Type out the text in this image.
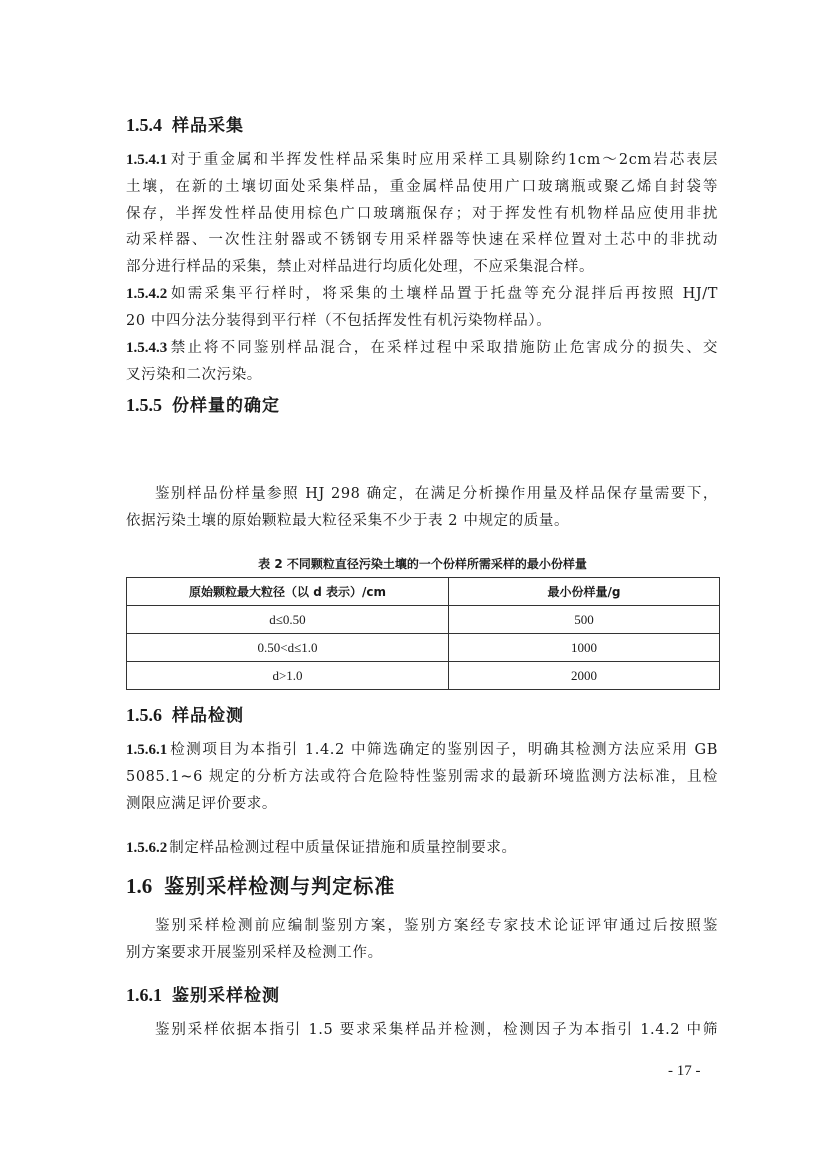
1.5.4 样品采集
1.5.4.1 对于重金属和半挥发性样品采集时应用采样工具剔除约1cm～2cm岩芯表层
土壤，在新的土壤切面处采集样品，重金属样品使用广口玻璃瓶或聚乙烯自封袋等
保存，半挥发性样品使用棕色广口玻璃瓶保存；对于挥发性有机物样品应使用非扰
动采样器、一次性注射器或不锈钢专用采样器等快速在采样位置对土芯中的非扰动
部分进行样品的采集，禁止对样品进行均质化处理，不应采集混合样。
1.5.4.2 如需采集平行样时，将采集的土壤样品置于托盘等充分混拌后再按照 HJ/T
20 中四分法分装得到平行样（不包括挥发性有机污染物样品）。
1.5.4.3 禁止将不同鉴别样品混合，在采样过程中采取措施防止危害成分的损失、交
叉污染和二次污染。
1.5.5 份样量的确定
鉴别样品份样量参照 HJ 298 确定，在满足分析操作用量及样品保存量需要下，
依据污染土壤的原始颗粒最大粒径采集不少于表 2 中规定的质量。
表 2 不同颗粒直径污染土壤的一个份样所需采样的最小份样量
原始颗粒最大粒径（以 d 表示）/cm	最小份样量/g
d≤0.50	500
0.50<d≤1.0	1000
d>1.0	2000
1.5.6 样品检测
1.5.6.1 检测项目为本指引 1.4.2 中筛选确定的鉴别因子，明确其检测方法应采用 GB
5085.1~6 规定的分析方法或符合危险特性鉴别需求的最新环境监测方法标准，且检
测限应满足评价要求。
1.5.6.2 制定样品检测过程中质量保证措施和质量控制要求。
1.6 鉴别采样检测与判定标准
鉴别采样检测前应编制鉴别方案，鉴别方案经专家技术论证评审通过后按照鉴
别方案要求开展鉴别采样及检测工作。
1.6.1 鉴别采样检测
鉴别采样依据本指引 1.5 要求采集样品并检测，检测因子为本指引 1.4.2 中筛
- 17 -
